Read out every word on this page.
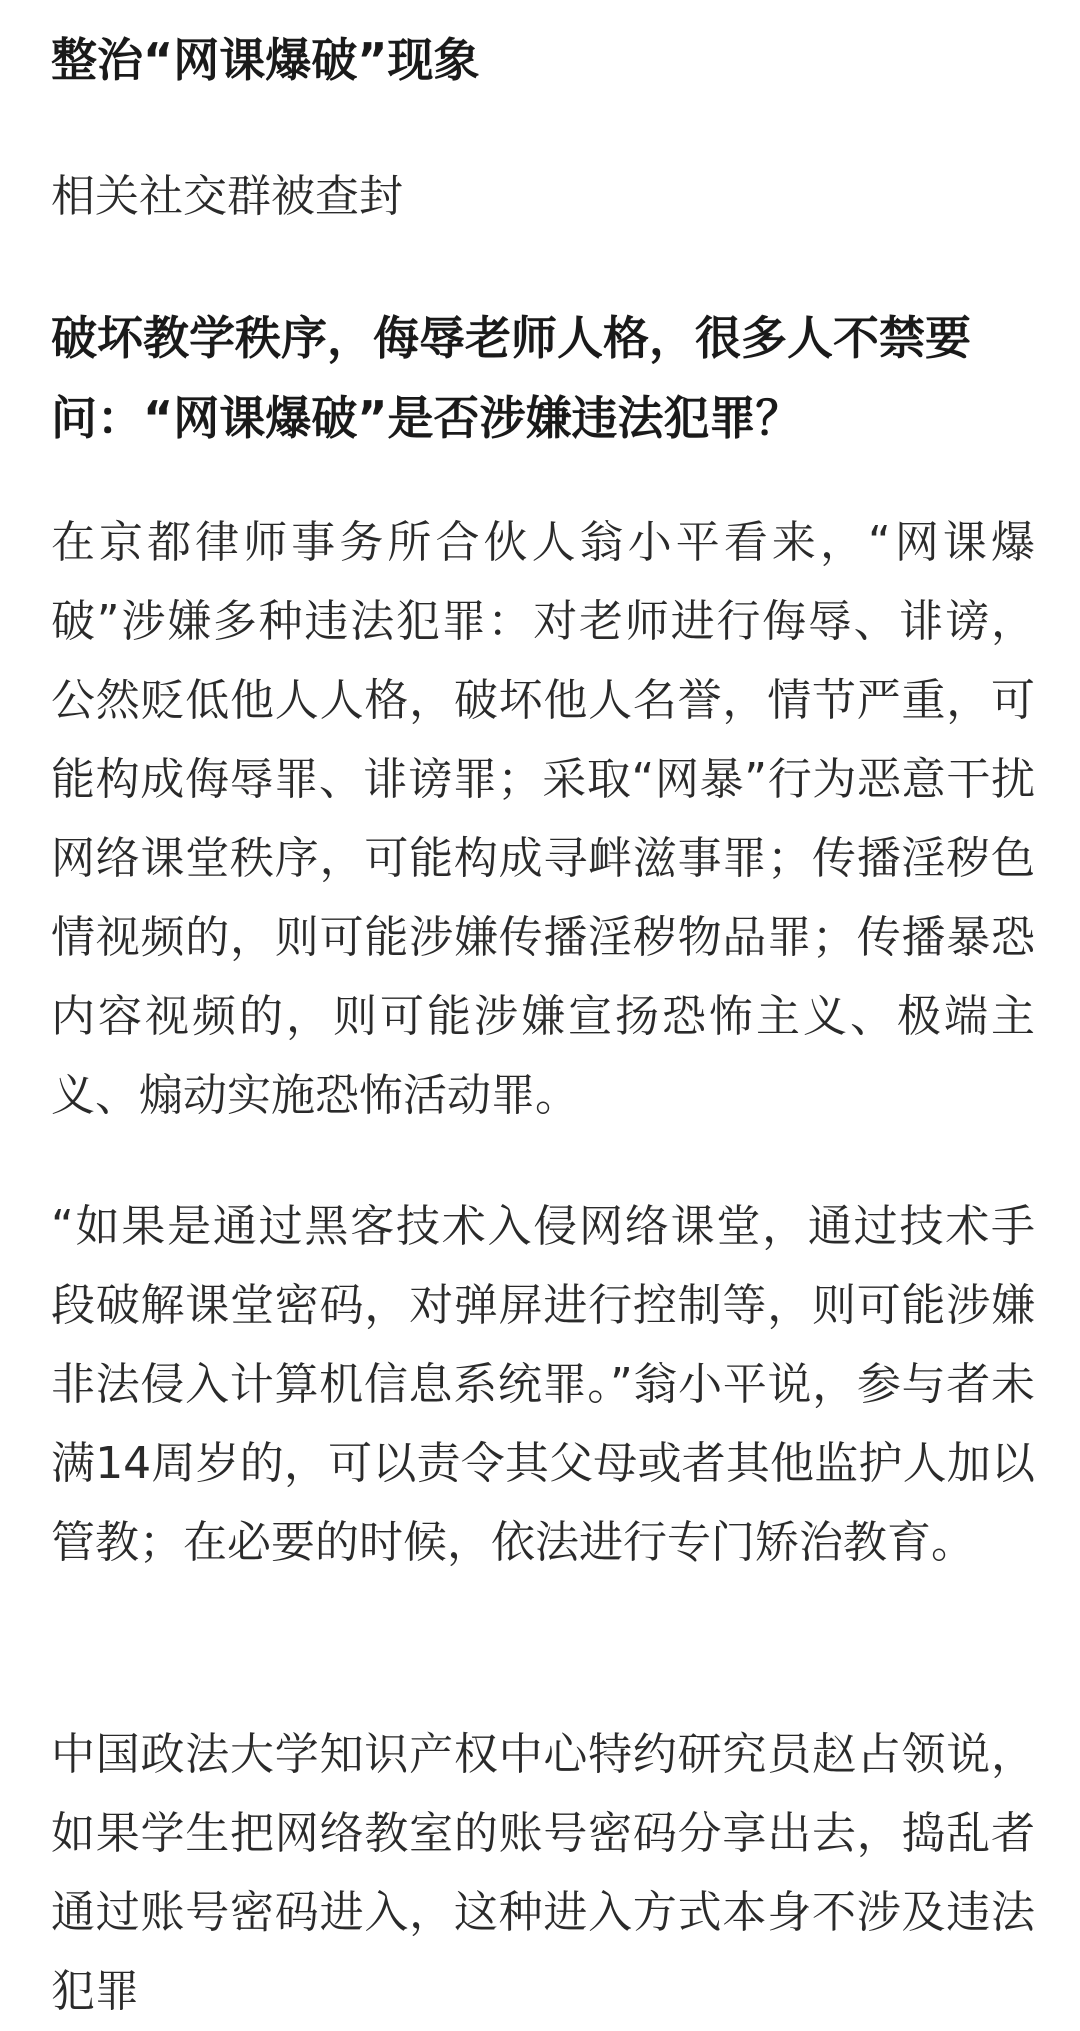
整治“网课爆破”现象
相关社交群被查封
破坏教学秩序，侮辱老师人格，很多人不禁要问：“网课爆破”是否涉嫌违法犯罪？

在京都律师事务所合伙人翁小平看来，“网课爆破”涉嫌多种违法犯罪：对老师进行侮辱、诽谤，公然贬低他人人格，破坏他人名誉，情节严重，可能构成侮辱罪、诽谤罪；采取“网暴”行为恶意干扰网络课堂秩序，可能构成寻衅滋事罪；传播淫秽色情视频的，则可能涉嫌传播淫秽物品罪；传播暴恐内容视频的，则可能涉嫌宣扬恐怖主义、极端主义、煽动实施恐怖活动罪。

“如果是通过黑客技术入侵网络课堂，通过技术手段破解课堂密码，对弹屏进行控制等，则可能涉嫌非法侵入计算机信息系统罪。”翁小平说，参与者未满14周岁的，可以责令其父母或者其他监护人加以管教；在必要的时候，依法进行专门矫治教育。

中国政法大学知识产权中心特约研究员赵占领说，如果学生把网络教室的账号密码分享出去，捣乱者通过账号密码进入，这种进入方式本身不涉及违法犯罪
